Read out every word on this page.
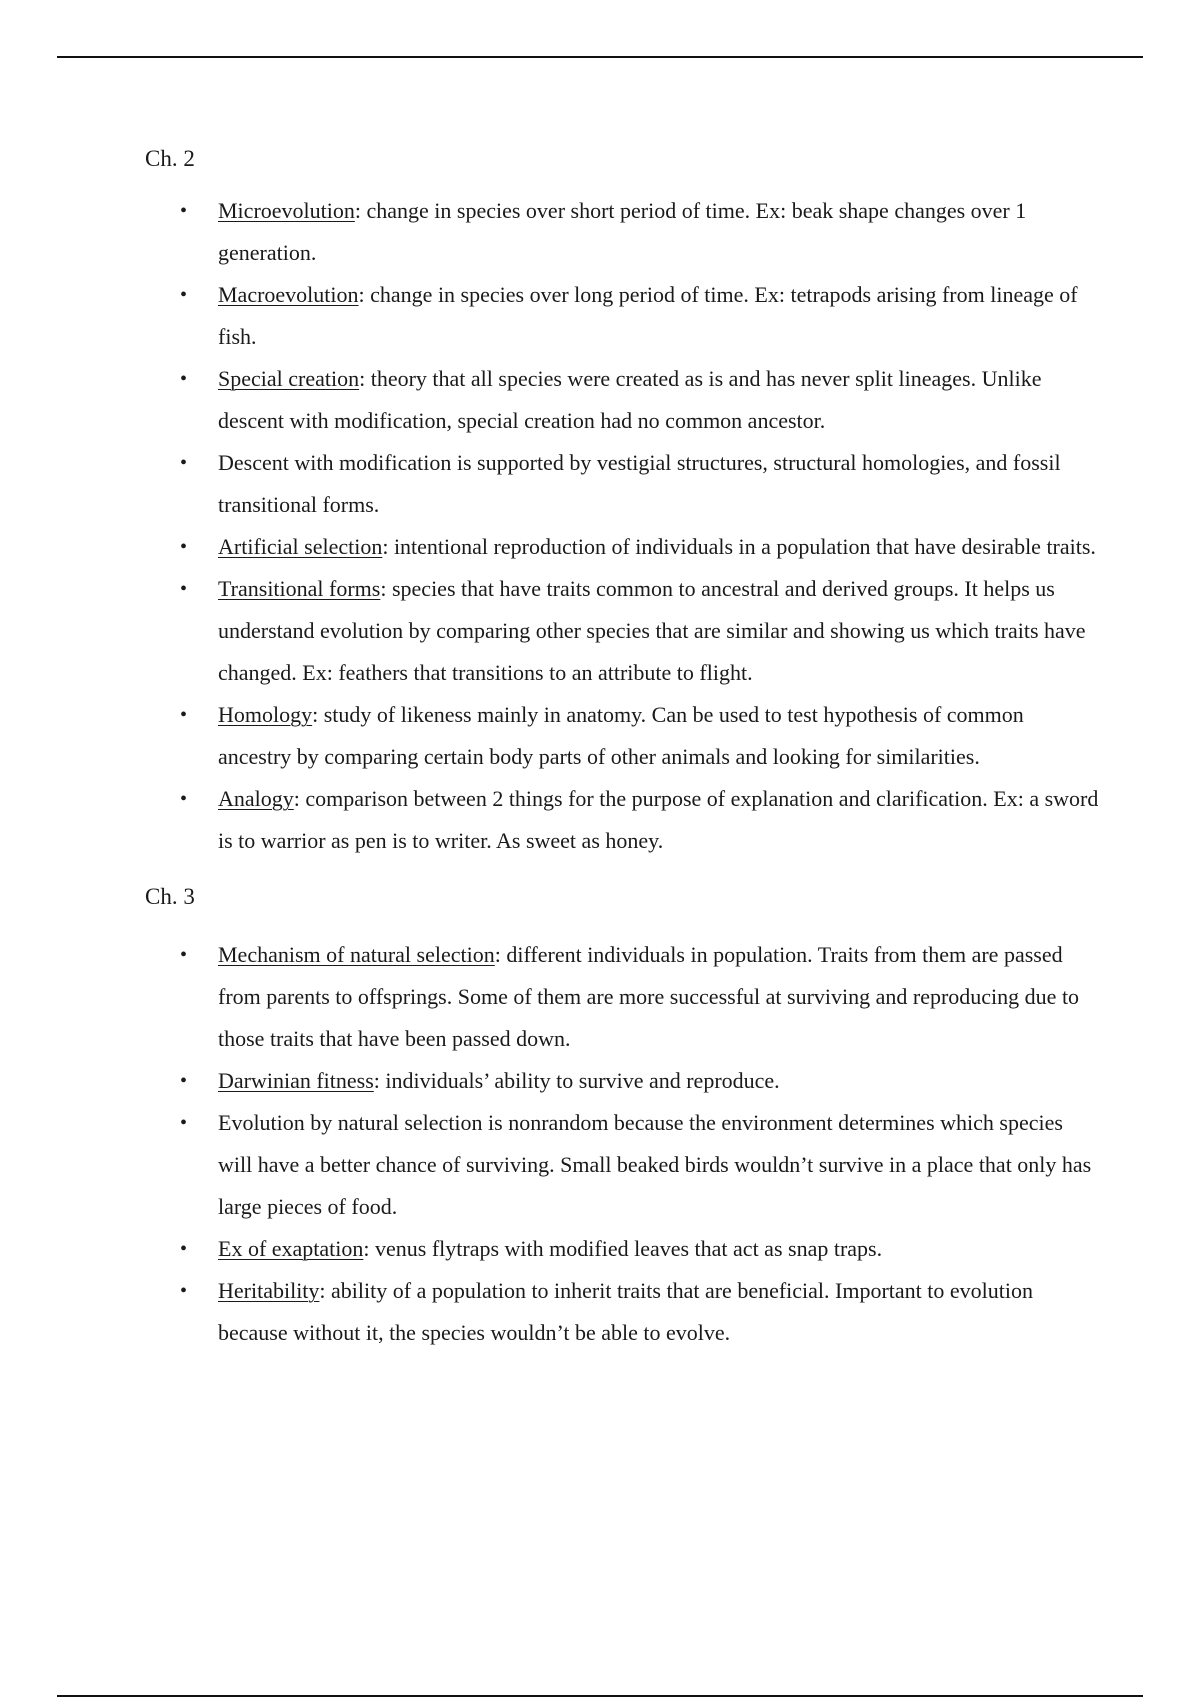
Ch. 2

• Microevolution: change in species over short period of time. Ex: beak shape changes over 1 generation.
• Macroevolution: change in species over long period of time. Ex: tetrapods arising from lineage of fish.
• Special creation: theory that all species were created as is and has never split lineages. Unlike descent with modification, special creation had no common ancestor.
• Descent with modification is supported by vestigial structures, structural homologies, and fossil transitional forms.
• Artificial selection: intentional reproduction of individuals in a population that have desirable traits.
• Transitional forms: species that have traits common to ancestral and derived groups. It helps us understand evolution by comparing other species that are similar and showing us which traits have changed. Ex: feathers that transitions to an attribute to flight.
• Homology: study of likeness mainly in anatomy. Can be used to test hypothesis of common ancestry by comparing certain body parts of other animals and looking for similarities.
• Analogy: comparison between 2 things for the purpose of explanation and clarification. Ex: a sword is to warrior as pen is to writer. As sweet as honey.

Ch. 3

• Mechanism of natural selection: different individuals in population. Traits from them are passed from parents to offsprings. Some of them are more successful at surviving and reproducing due to those traits that have been passed down.
• Darwinian fitness: individuals’ ability to survive and reproduce.
• Evolution by natural selection is nonrandom because the environment determines which species will have a better chance of surviving. Small beaked birds wouldn’t survive in a place that only has large pieces of food.
• Ex of exaptation: venus flytraps with modified leaves that act as snap traps.
• Heritability: ability of a population to inherit traits that are beneficial. Important to evolution because without it, the species wouldn’t be able to evolve.
